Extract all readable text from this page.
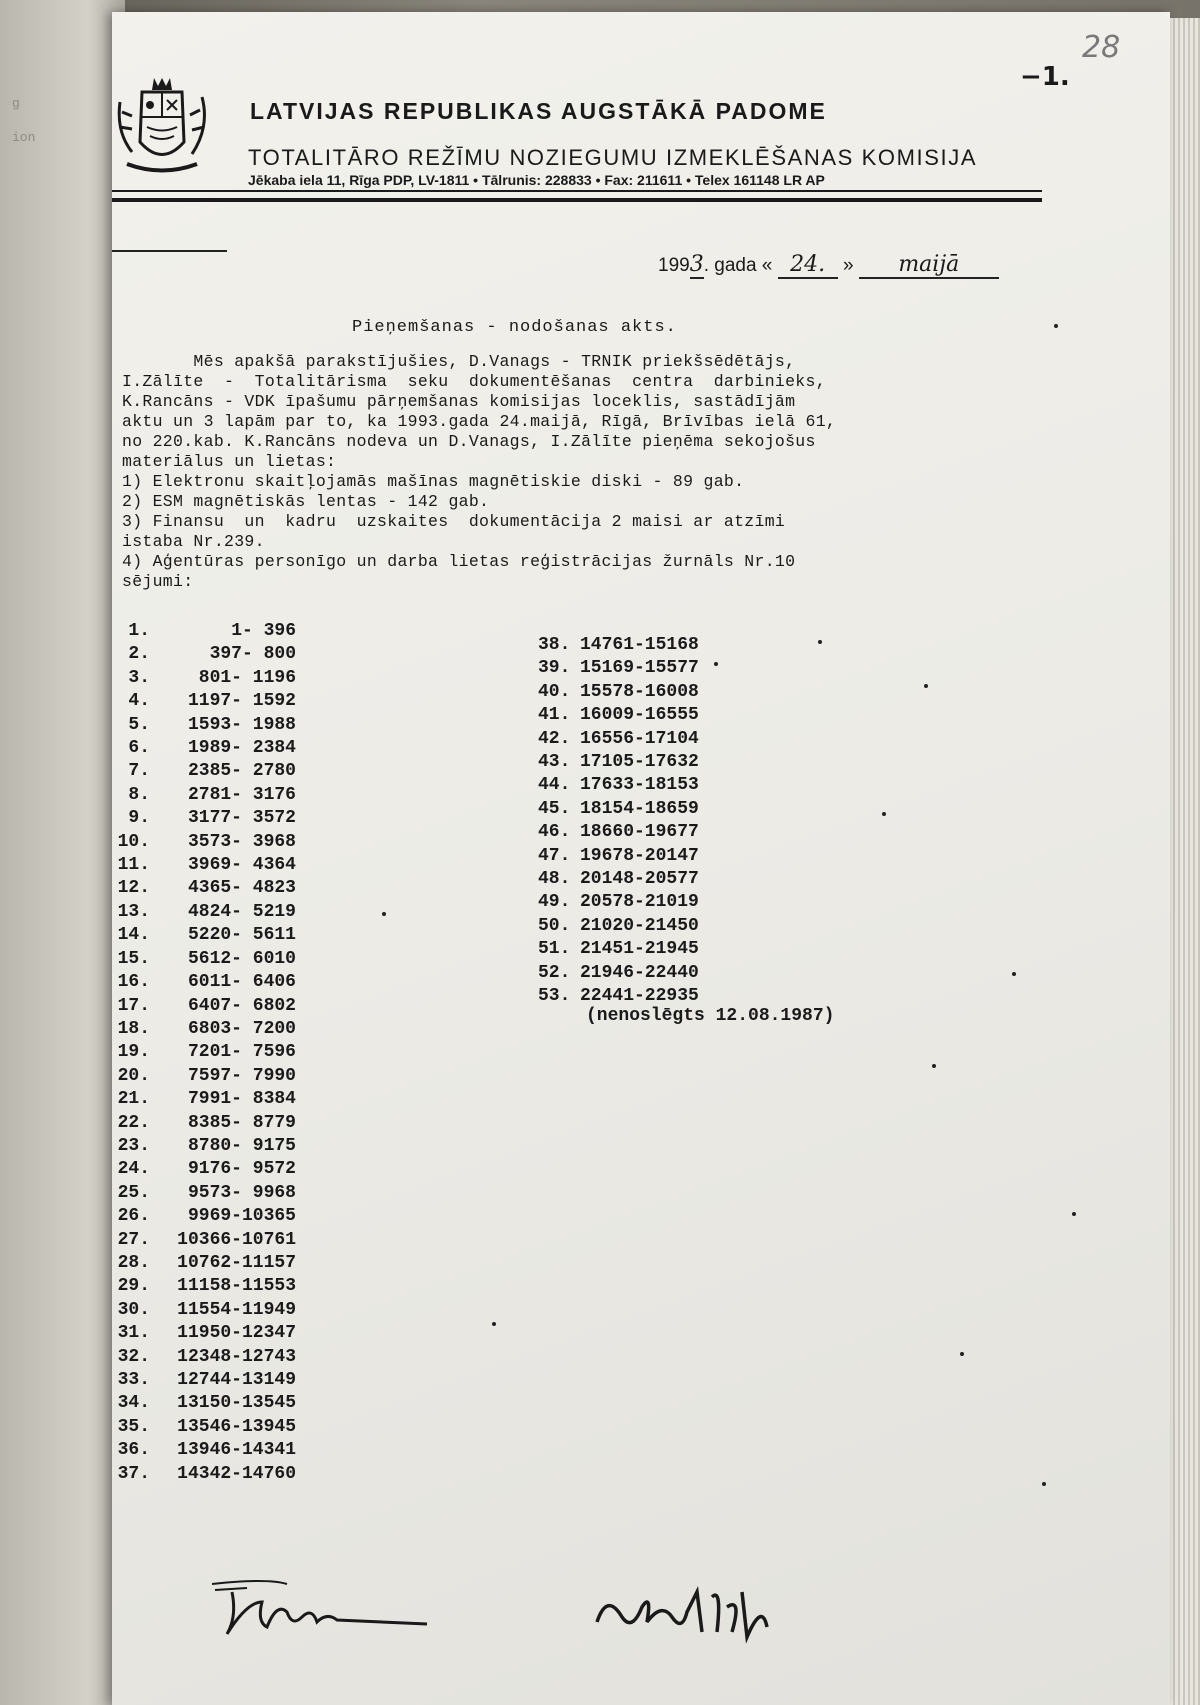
g
ion
28
−1.
LATVIJAS REPUBLIKAS AUGSTĀKĀ PADOME
TOTALITĀRO REŽĪMU NOZIEGUMU IZMEKLĒŠANAS KOMISIJA
Jēkaba iela 11, Rīga PDP, LV-1811 • Tālrunis: 228833 • Fax: 211611 • Telex 161148 LR AP
1993. gada « 24. » maijā
Pieņemšanas - nodošanas akts.
Mēs apakšā parakstījušies, D.Vanags - TRNIK priekšsēdētājs,
I.Zālīte  -  Totalitārisma  seku  dokumentēšanas  centra  darbinieks,
K.Rancāns - VDK īpašumu pārņemšanas komisijas loceklis, sastādījām
aktu un 3 lapām par to, ka 1993.gada 24.maijā, Rīgā, Brīvības ielā 61,
no 220.kab. K.Rancāns nodeva un D.Vanags, I.Zālīte pieņēma sekojošus
materiālus un lietas:
1) Elektronu skaitļojamās mašīnas magnētiskie diski - 89 gab.
2) ESM magnētiskās lentas - 142 gab.
3) Finansu  un  kadru  uzskaites  dokumentācija 2 maisi ar atzīmi
istaba Nr.239.
4) Aģentūras personīgo un darba lietas reģistrācijas žurnāls Nr.10
sējumi:
1.	1- 396
2.	397- 800
3.	801- 1196
4.	1197- 1592
5.	1593- 1988
6.	1989- 2384
7.	2385- 2780
8.	2781- 3176
9.	3177- 3572
10.	3573- 3968
11.	3969- 4364
12.	4365- 4823
13.	4824- 5219
14.	5220- 5611
15.	5612- 6010
16.	6011- 6406
17.	6407- 6802
18.	6803- 7200
19.	7201- 7596
20.	7597- 7990
21.	7991- 8384
22.	8385- 8779
23.	8780- 9175
24.	9176- 9572
25.	9573- 9968
26.	9969-10365
27.	10366-10761
28.	10762-11157
29.	11158-11553
30.	11554-11949
31.	11950-12347
32.	12348-12743
33.	12744-13149
34.	13150-13545
35.	13546-13945
36.	13946-14341
37.	14342-14760
38. 14761-15168
39. 15169-15577
40. 15578-16008
41. 16009-16555
42. 16556-17104
43. 17105-17632
44. 17633-18153
45. 18154-18659
46. 18660-19677
47. 19678-20147
48. 20148-20577
49. 20578-21019
50. 21020-21450
51. 21451-21945
52. 21946-22440
53. 22441-22935
(nenoslēgts 12.08.1987)
